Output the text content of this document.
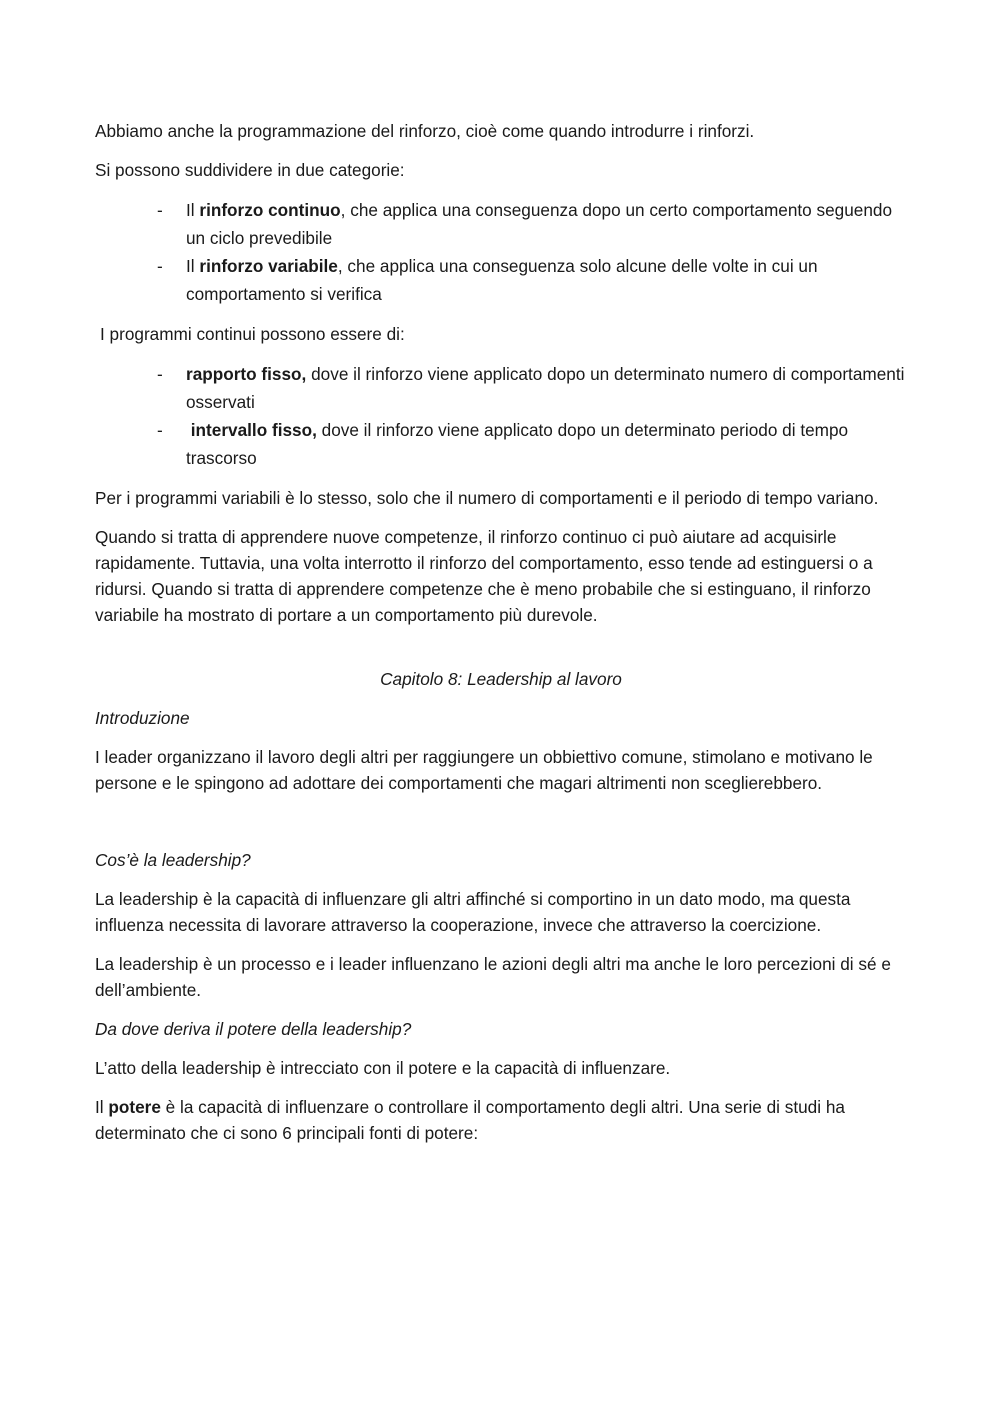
Abbiamo anche la programmazione del rinforzo, cioè come quando introdurre i rinforzi.

Si possono suddividere in due categorie:

- Il rinforzo continuo, che applica una conseguenza dopo un certo comportamento seguendo un ciclo prevedibile
- Il rinforzo variabile, che applica una conseguenza solo alcune delle volte in cui un comportamento si verifica

I programmi continui possono essere di:

- rapporto fisso, dove il rinforzo viene applicato dopo un determinato numero di comportamenti osservati
- intervallo fisso, dove il rinforzo viene applicato dopo un determinato periodo di tempo trascorso

Per i programmi variabili è lo stesso, solo che il numero di comportamenti e il periodo di tempo variano.

Quando si tratta di apprendere nuove competenze, il rinforzo continuo ci può aiutare ad acquisirle rapidamente. Tuttavia, una volta interrotto il rinforzo del comportamento, esso tende ad estinguersi o a ridursi. Quando si tratta di apprendere competenze che è meno probabile che si estinguano, il rinforzo variabile ha mostrato di portare a un comportamento più durevole.

Capitolo 8: Leadership al lavoro

Introduzione

I leader organizzano il lavoro degli altri per raggiungere un obbiettivo comune, stimolano e motivano le persone e le spingono ad adottare dei comportamenti che magari altrimenti non sceglierebbero.

Cos’è la leadership?

La leadership è la capacità di influenzare gli altri affinché si comportino in un dato modo, ma questa influenza necessita di lavorare attraverso la cooperazione, invece che attraverso la coercizione.

La leadership è un processo e i leader influenzano le azioni degli altri ma anche le loro percezioni di sé e dell’ambiente.

Da dove deriva il potere della leadership?

L’atto della leadership è intrecciato con il potere e la capacità di influenzare.

Il potere è la capacità di influenzare o controllare il comportamento degli altri. Una serie di studi ha determinato che ci sono 6 principali fonti di potere:
